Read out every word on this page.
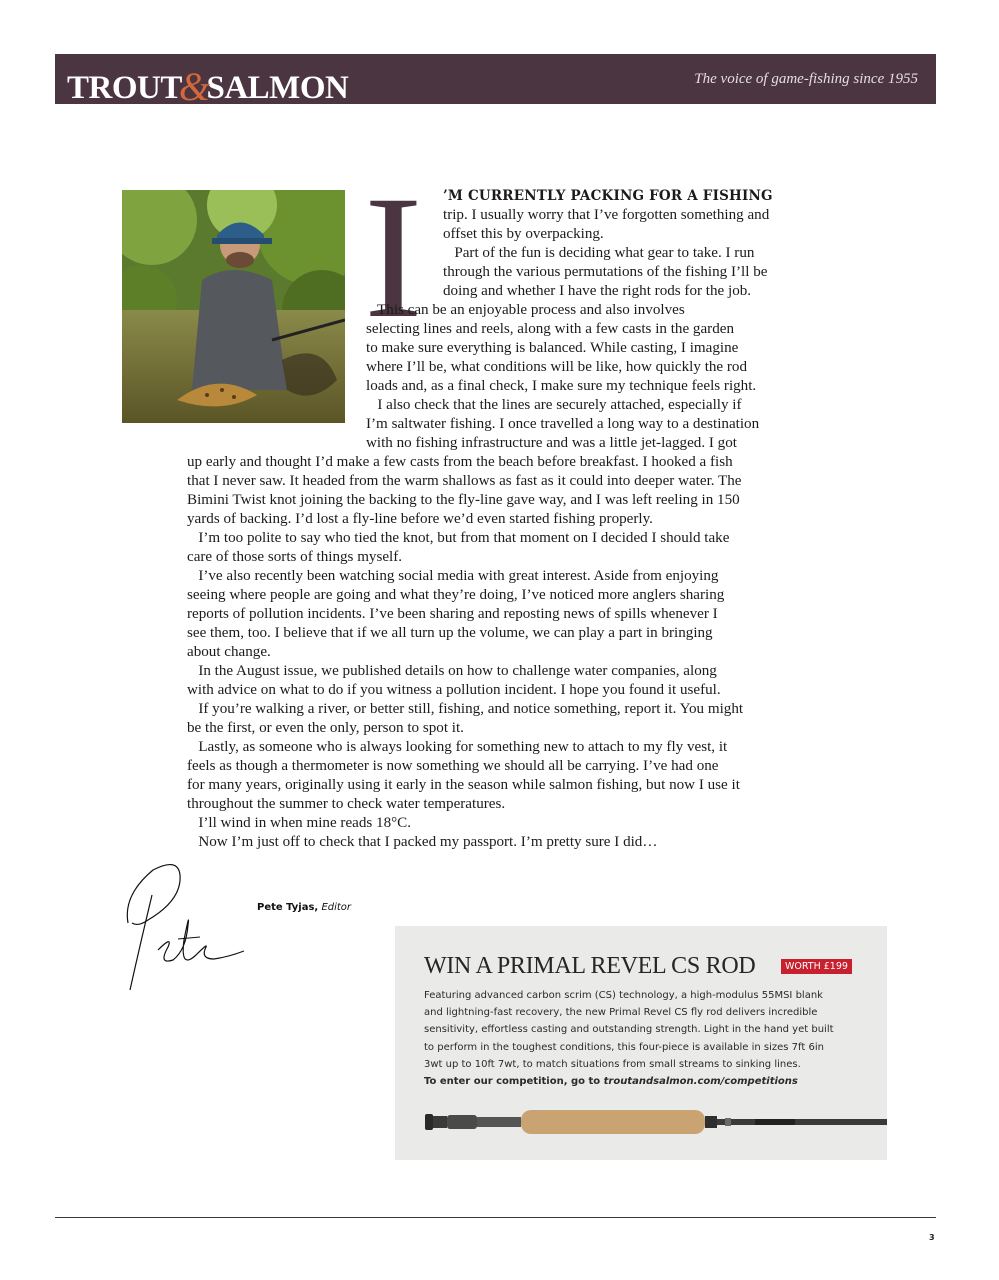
TROUT&SALMON	The voice of game-fishing since 1955
I ’M CURRENTLY PACKING FOR A FISHING
trip. I usually worry that I’ve forgotten something and
offset this by overpacking.
Part of the fun is deciding what gear to take. I run
through the various permutations of the fishing I’ll be
doing and whether I have the right rods for the job.
This can be an enjoyable process and also involves
selecting lines and reels, along with a few casts in the garden
to make sure everything is balanced. While casting, I imagine
where I’ll be, what conditions will be like, how quickly the rod
loads and, as a final check, I make sure my technique feels right.
I also check that the lines are securely attached, especially if
I’m saltwater fishing. I once travelled a long way to a destination
with no fishing infrastructure and was a little jet-lagged. I got
up early and thought I’d make a few casts from the beach before breakfast. I hooked a fish
that I never saw. It headed from the warm shallows as fast as it could into deeper water. The
Bimini Twist knot joining the backing to the fly-line gave way, and I was left reeling in 150
yards of backing. I’d lost a fly-line before we’d even started fishing properly.
I’m too polite to say who tied the knot, but from that moment on I decided I should take
care of those sorts of things myself.
I’ve also recently been watching social media with great interest. Aside from enjoying
seeing where people are going and what they’re doing, I’ve noticed more anglers sharing
reports of pollution incidents. I’ve been sharing and reposting news of spills whenever I
see them, too. I believe that if we all turn up the volume, we can play a part in bringing
about change.
In the August issue, we published details on how to challenge water companies, along
with advice on what to do if you witness a pollution incident. I hope you found it useful.
If you’re walking a river, or better still, fishing, and notice something, report it. You might
be the first, or even the only, person to spot it.
Lastly, as someone who is always looking for something new to attach to my fly vest, it
feels as though a thermometer is now something we should all be carrying. I’ve had one
for many years, originally using it early in the season while salmon fishing, but now I use it
throughout the summer to check water temperatures.
I’ll wind in when mine reads 18°C.
Now I’m just off to check that I packed my passport. I’m pretty sure I did…
Pete Tyjas, Editor
WIN A PRIMAL REVEL CS ROD	WORTH £199
Featuring advanced carbon scrim (CS) technology, a high-modulus 55MSI blank
and lightning-fast recovery, the new Primal Revel CS fly rod delivers incredible
sensitivity, effortless casting and outstanding strength. Light in the hand yet built
to perform in the toughest conditions, this four-piece is available in sizes 7ft 6in
3wt up to 10ft 7wt, to match situations from small streams to sinking lines.
To enter our competition, go to troutandsalmon.com/competitions
3
